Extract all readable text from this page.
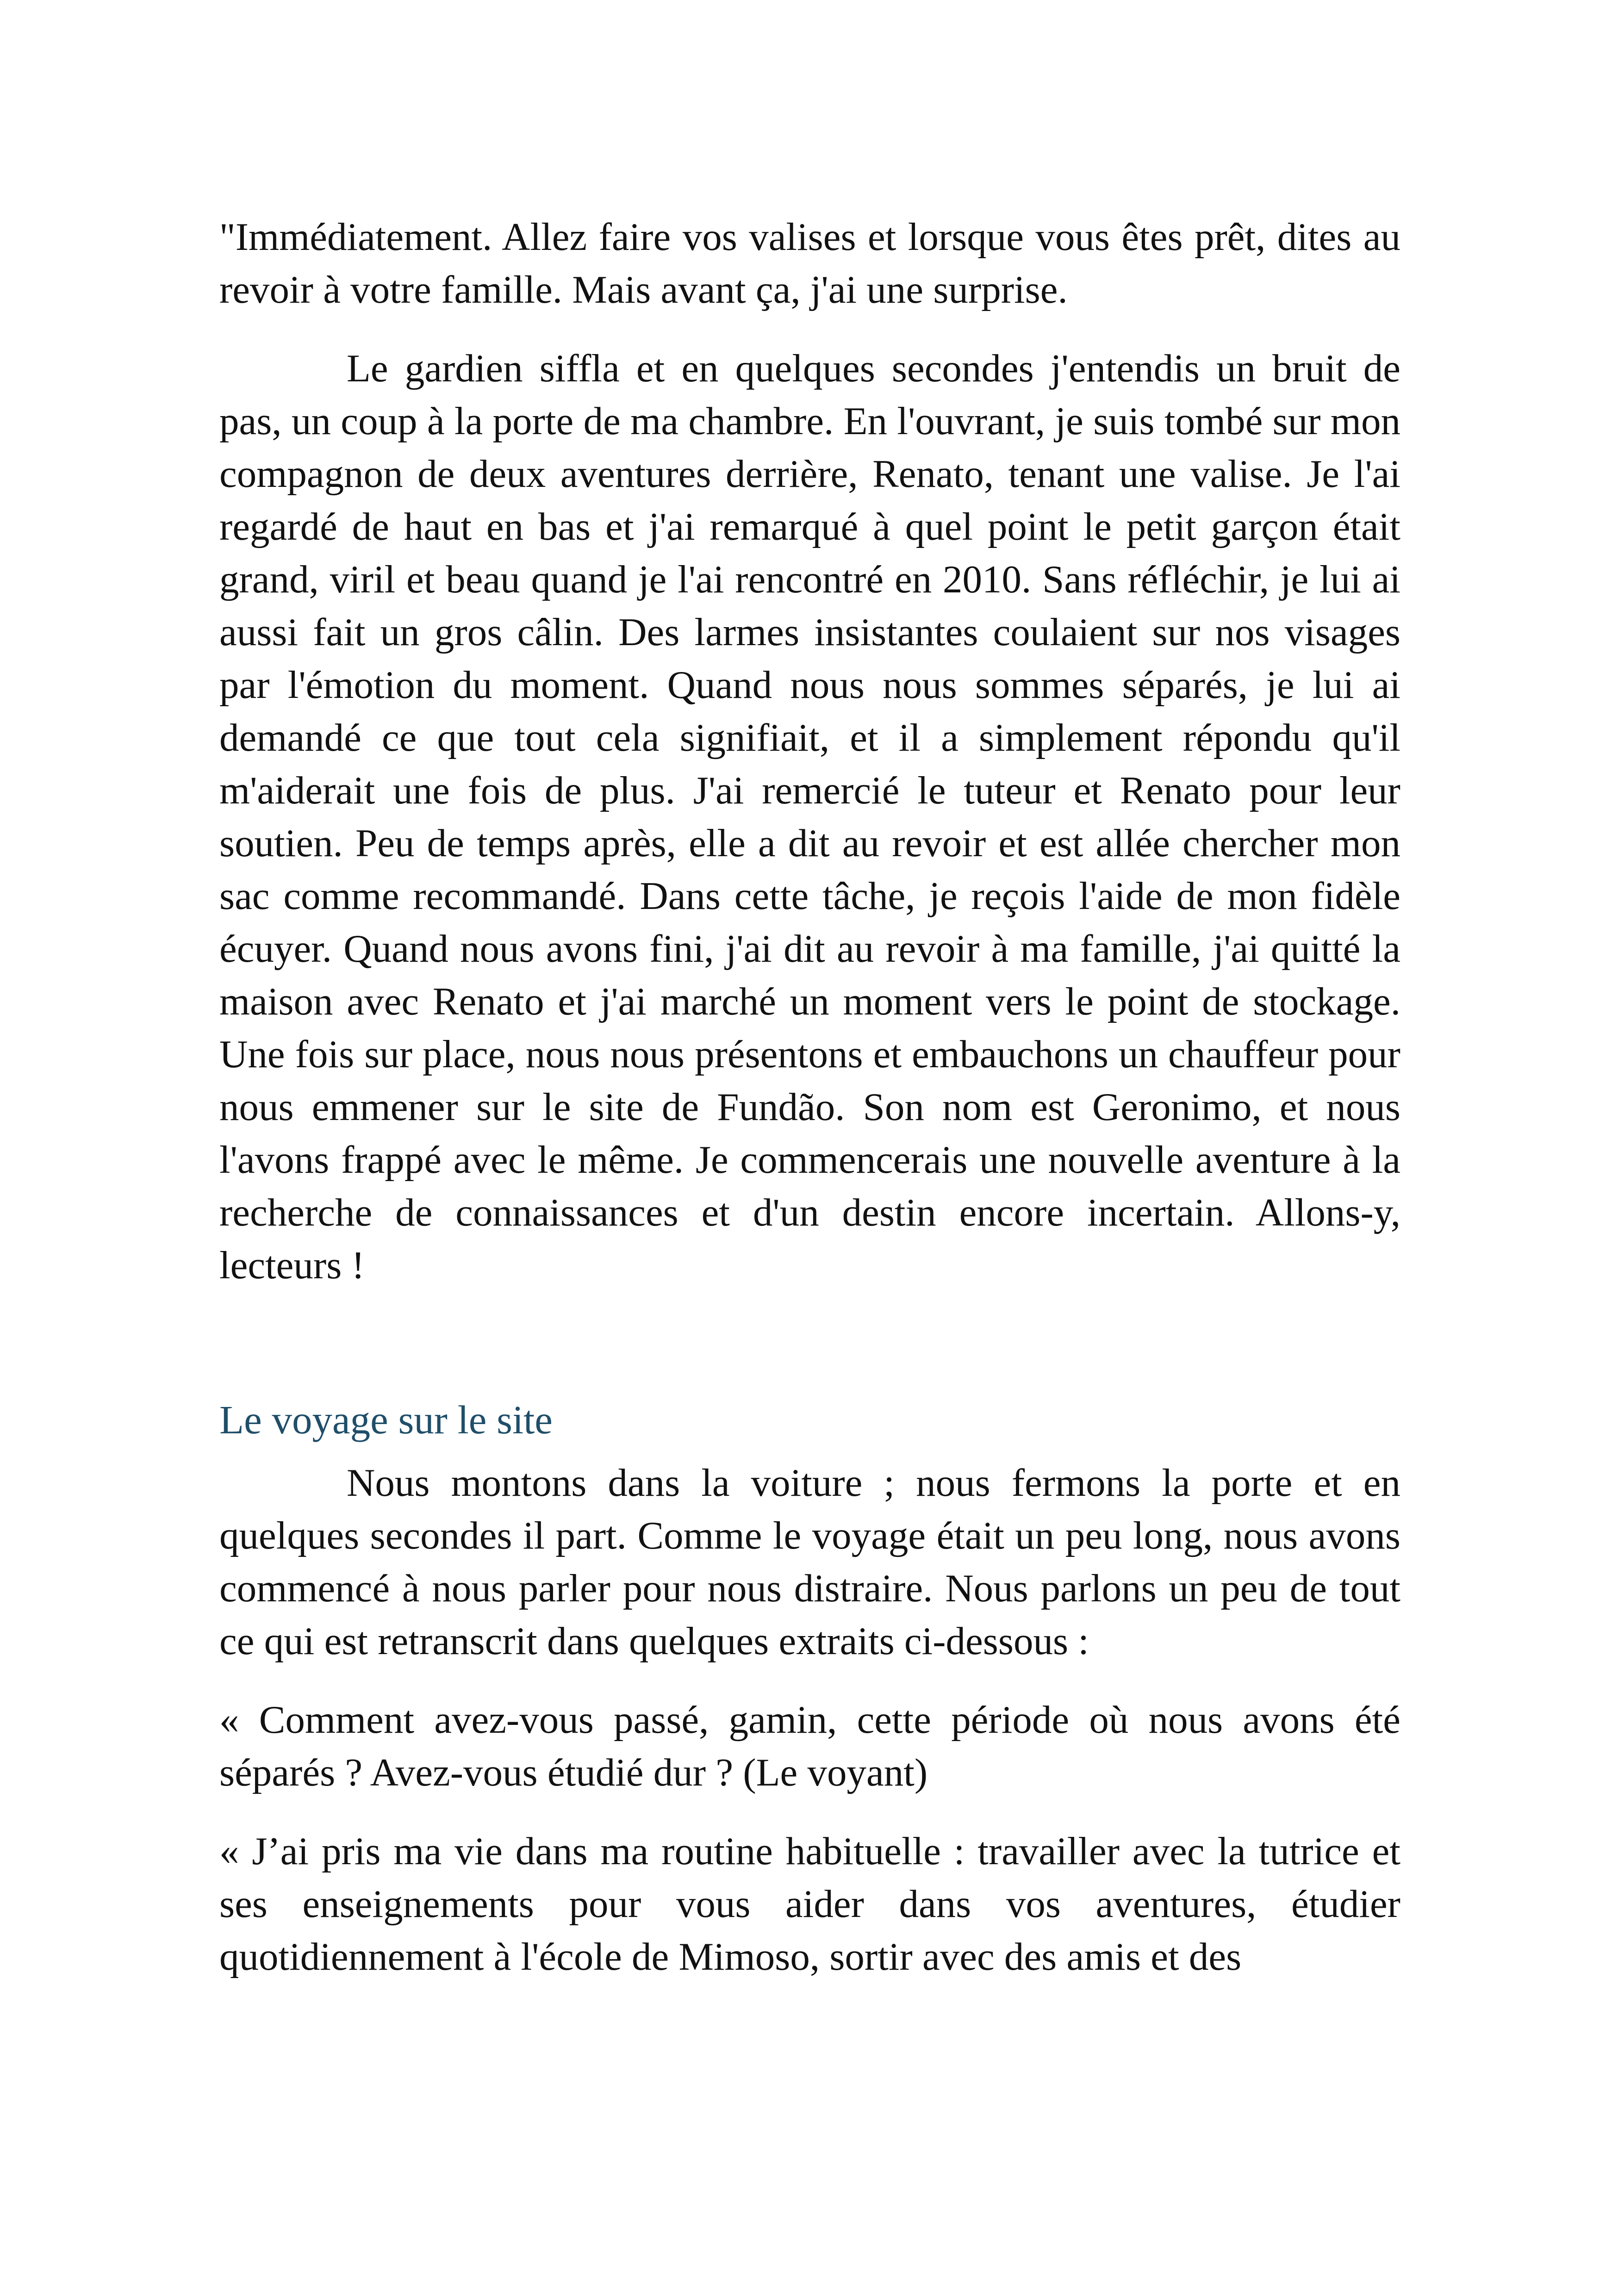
"Immédiatement. Allez faire vos valises et lorsque vous êtes prêt, dites au revoir à votre famille. Mais avant ça, j'ai une surprise.

Le gardien siffla et en quelques secondes j'entendis un bruit de pas, un coup à la porte de ma chambre. En l'ouvrant, je suis tombé sur mon compagnon de deux aventures derrière, Renato, tenant une valise. Je l'ai regardé de haut en bas et j'ai remarqué à quel point le petit garçon était grand, viril et beau quand je l'ai rencontré en 2010. Sans réfléchir, je lui ai aussi fait un gros câlin. Des larmes insistantes coulaient sur nos visages par l'émotion du moment. Quand nous nous sommes séparés, je lui ai demandé ce que tout cela signifiait, et il a simplement répondu qu'il m'aiderait une fois de plus. J'ai remercié le tuteur et Renato pour leur soutien. Peu de temps après, elle a dit au revoir et est allée chercher mon sac comme recommandé. Dans cette tâche, je reçois l'aide de mon fidèle écuyer. Quand nous avons fini, j'ai dit au revoir à ma famille, j'ai quitté la maison avec Renato et j'ai marché un moment vers le point de stockage. Une fois sur place, nous nous présentons et embauchons un chauffeur pour nous emmener sur le site de Fundão. Son nom est Geronimo, et nous l'avons frappé avec le même. Je commencerais une nouvelle aventure à la recherche de connaissances et d'un destin encore incertain. Allons-y, lecteurs !

Le voyage sur le site

Nous montons dans la voiture ; nous fermons la porte et en quelques secondes il part. Comme le voyage était un peu long, nous avons commencé à nous parler pour nous distraire. Nous parlons un peu de tout ce qui est retranscrit dans quelques extraits ci-dessous :

« Comment avez-vous passé, gamin, cette période où nous avons été séparés ? Avez-vous étudié dur ? (Le voyant)

« J’ai pris ma vie dans ma routine habituelle : travailler avec la tutrice et ses enseignements pour vous aider dans vos aventures, étudier quotidiennement à l'école de Mimoso, sortir avec des amis et des
